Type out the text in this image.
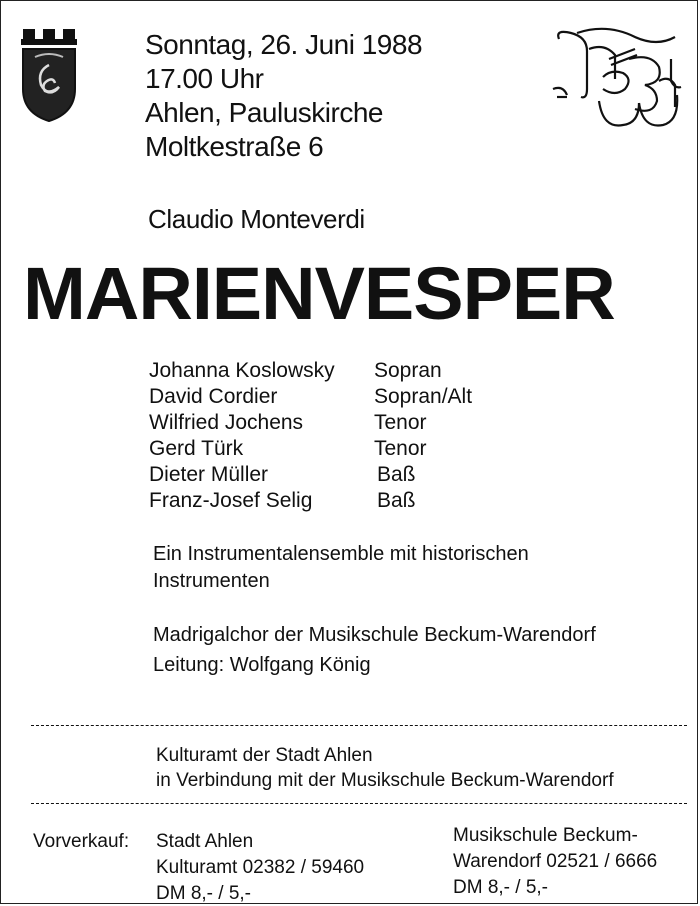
Sonntag, 26. Juni 1988
17.00 Uhr
Ahlen, Pauluskirche
Moltkestraße 6
Claudio Monteverdi
MARIENVESPER
Johanna Koslowsky Sopran
David Cordier	Sopran/Alt
Wilfried Jochens	Tenor
Gerd Türk	Tenor
Dieter Müller	Baß
Franz-Josef Selig	Baß
Ein Instrumentalensemble mit historischen
Instrumenten
Madrigalchor der Musikschule Beckum-Warendorf
Leitung: Wolfgang König
Kulturamt der Stadt Ahlen
in Verbindung mit der Musikschule Beckum-Warendorf
Vorverkauf: Stadt Ahlen
Kulturamt 02382 / 59460
DM 8,- / 5,-
Musikschule Beckum-
Warendorf 02521 / 6666
DM 8,- / 5,-
